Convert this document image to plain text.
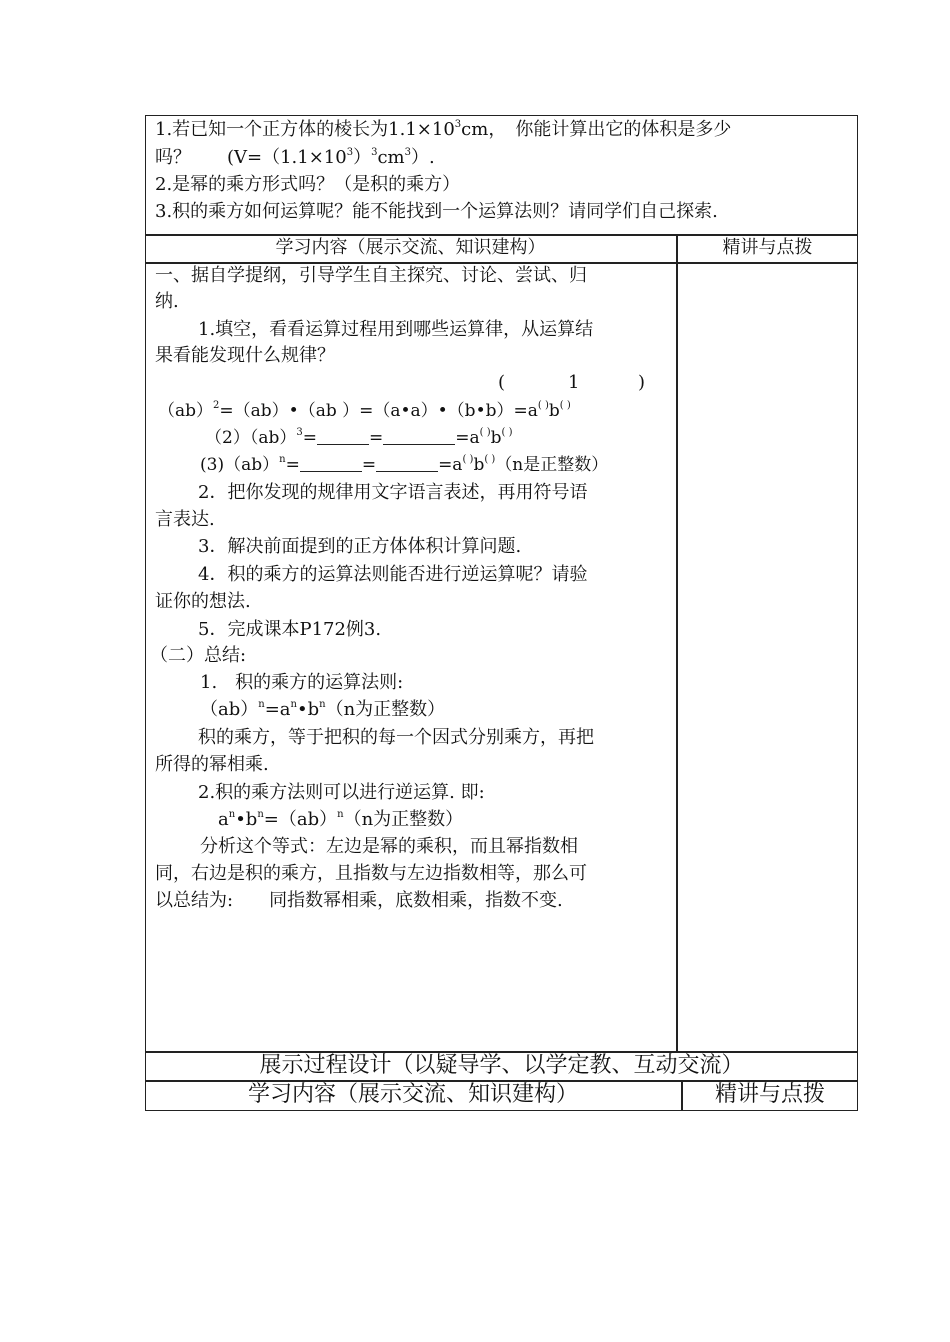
1.若已知一个正方体的棱长为$1.1\times 10^3cm$，　你能计算出它的体积是多少
吗？　　$(V=(1.1\times 10^3)^3cm^3)$.
2.是幂的乘方形式吗？（是积的乘方）
3.积的乘方如何运算呢？能不能找到一个运算法则？请同学们自己探索.
学习内容（展示交流、知识建构）	精讲与点拨
一、据自学提纲，引导学生自主探究、讨论、尝试、归
纳.
1.填空，看看运算过程用到哪些运算律，从运算结
果看能发现什么规律？
(	1	)
（ab）$^2$=（ab）•（ab ）=（a•a）•（b•b）=a( )b( )
（2）（ab）$^3$=	=	=a( )b( )
(3)（ab）$^n$=	=	=a( )b( )（n是正整数）
2．把你发现的规律用文字语言表述，再用符号语
言表达.
3．解决前面提到的正方体体积计算问题.
4．积的乘方的运算法则能否进行逆运算呢？请验
证你的想法.
5．完成课本P172例3.
（二）总结:
1.　积的乘方的运算法则:
$(ab)^n=a^n•b^n(n$为正整数）
积的乘方，等于把积的每一个因式分别乘方，再把
所得的幂相乘.
2.积的乘方法则可以进行逆运算. 即:
$a^n•b^n=(ab)^n(n$为正整数）
分析这个等式：左边是幂的乘积，而且幂指数相
同，右边是积的乘方，且指数与左边指数相等，那么可
以总结为:　　同指数幂相乘，底数相乘，指数不变.
展示过程设计（以疑导学、以学定教、互动交流）
学习内容（展示交流、知识建构）	精讲与点拨
